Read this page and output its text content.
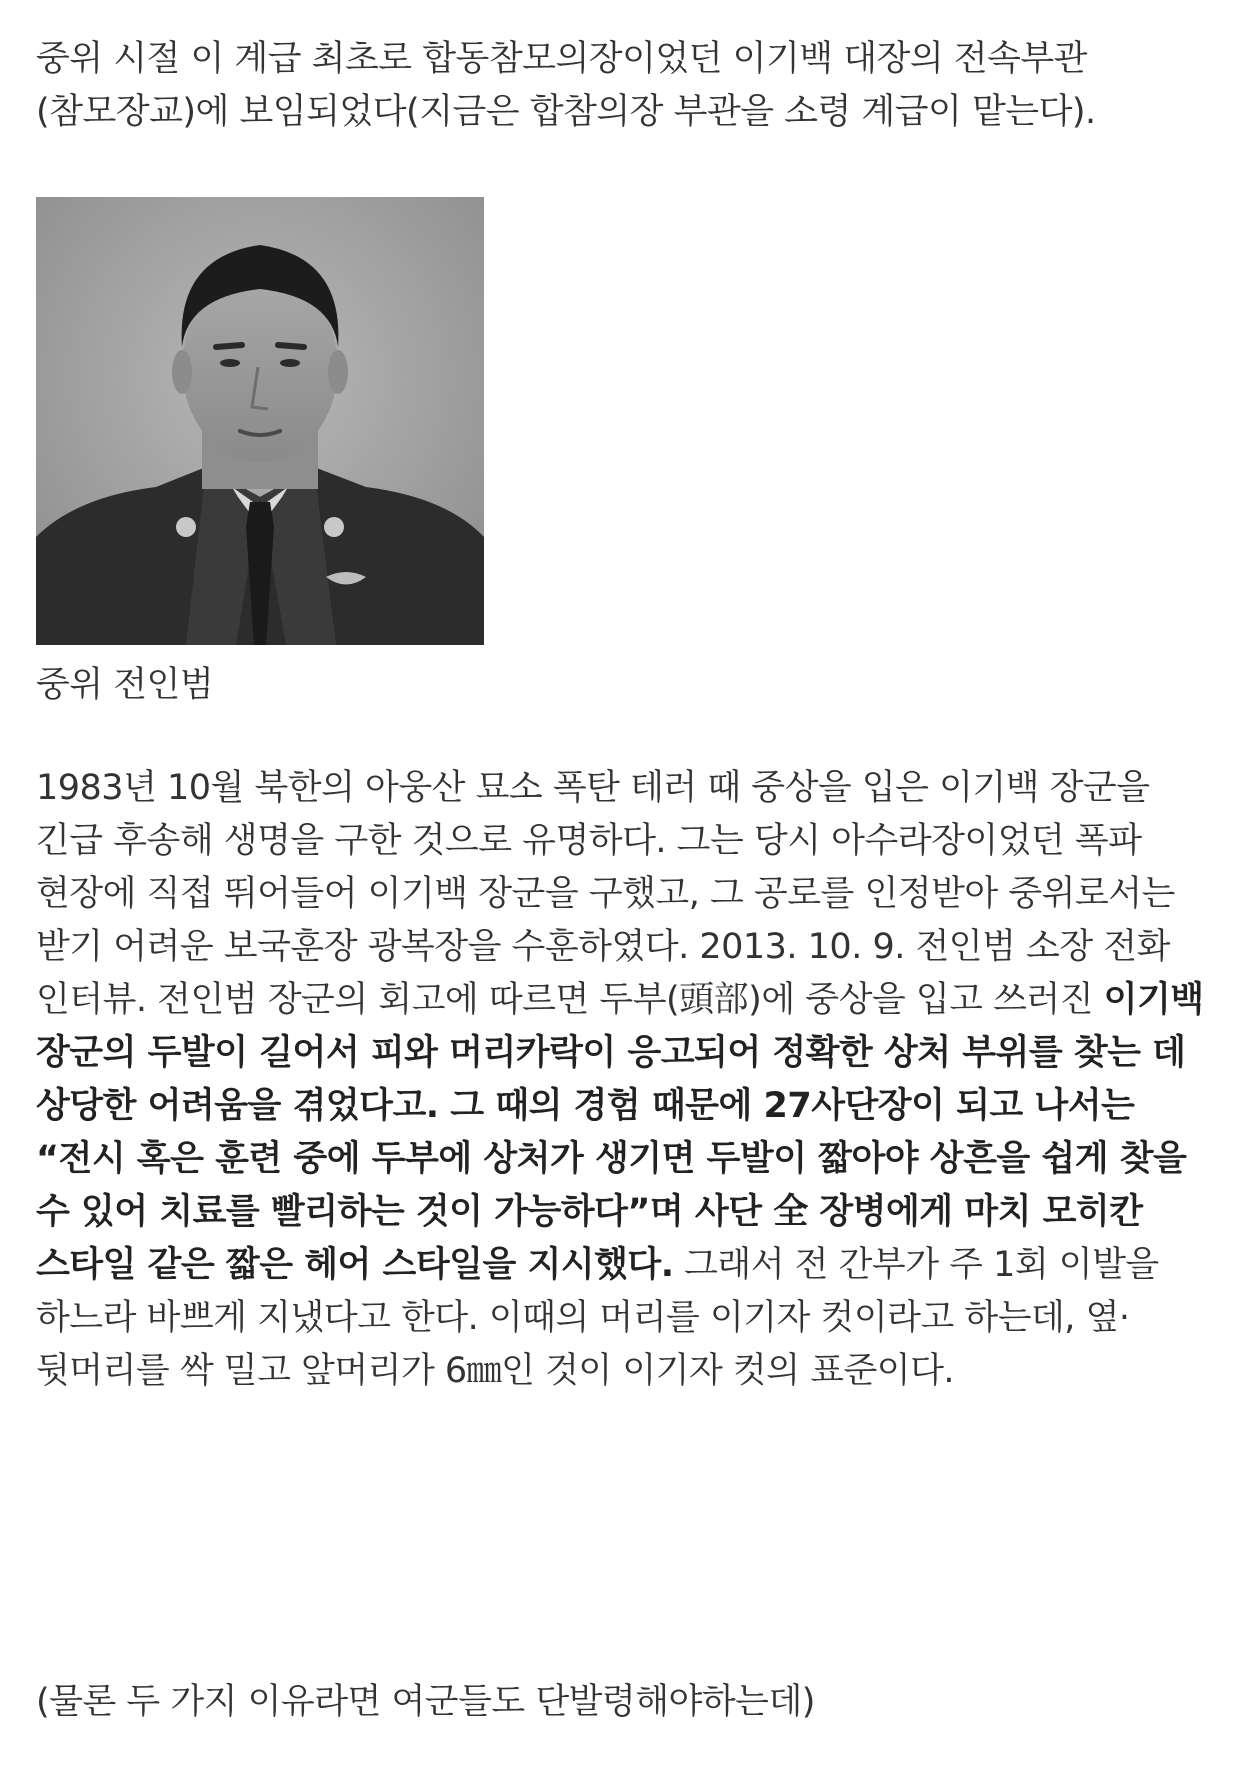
중위 시절 이 계급 최초로 합동참모의장이었던 이기백 대장의 전속부관(참모장교)에 보임되었다(지금은 합참의장 부관을 소령 계급이 맡는다).

중위 전인범

1983년 10월 북한의 아웅산 묘소 폭탄 테러 때 중상을 입은 이기백 장군을 긴급 후송해 생명을 구한 것으로 유명하다. 그는 당시 아수라장이었던 폭파 현장에 직접 뛰어들어 이기백 장군을 구했고, 그 공로를 인정받아 중위로서는 받기 어려운 보국훈장 광복장을 수훈하였다. 2013. 10. 9. 전인범 소장 전화 인터뷰. 전인범 장군의 회고에 따르면 두부(頭部)에 중상을 입고 쓰러진 이기백 장군의 두발이 길어서 피와 머리카락이 응고되어 정확한 상처 부위를 찾는 데 상당한 어려움을 겪었다고. 그 때의 경험 때문에 27사단장이 되고 나서는 “전시 혹은 훈련 중에 두부에 상처가 생기면 두발이 짧아야 상흔을 쉽게 찾을 수 있어 치료를 빨리하는 것이 가능하다”며 사단 全 장병에게 마치 모히칸 스타일 같은 짧은 헤어 스타일을 지시했다. 그래서 전 간부가 주 1회 이발을 하느라 바쁘게 지냈다고 한다. 이때의 머리를 이기자 컷이라고 하는데, 옆·뒷머리를 싹 밀고 앞머리가 6㎜인 것이 이기자 컷의 표준이다.

(물론 두 가지 이유라면 여군들도 단발령해야하는데)
